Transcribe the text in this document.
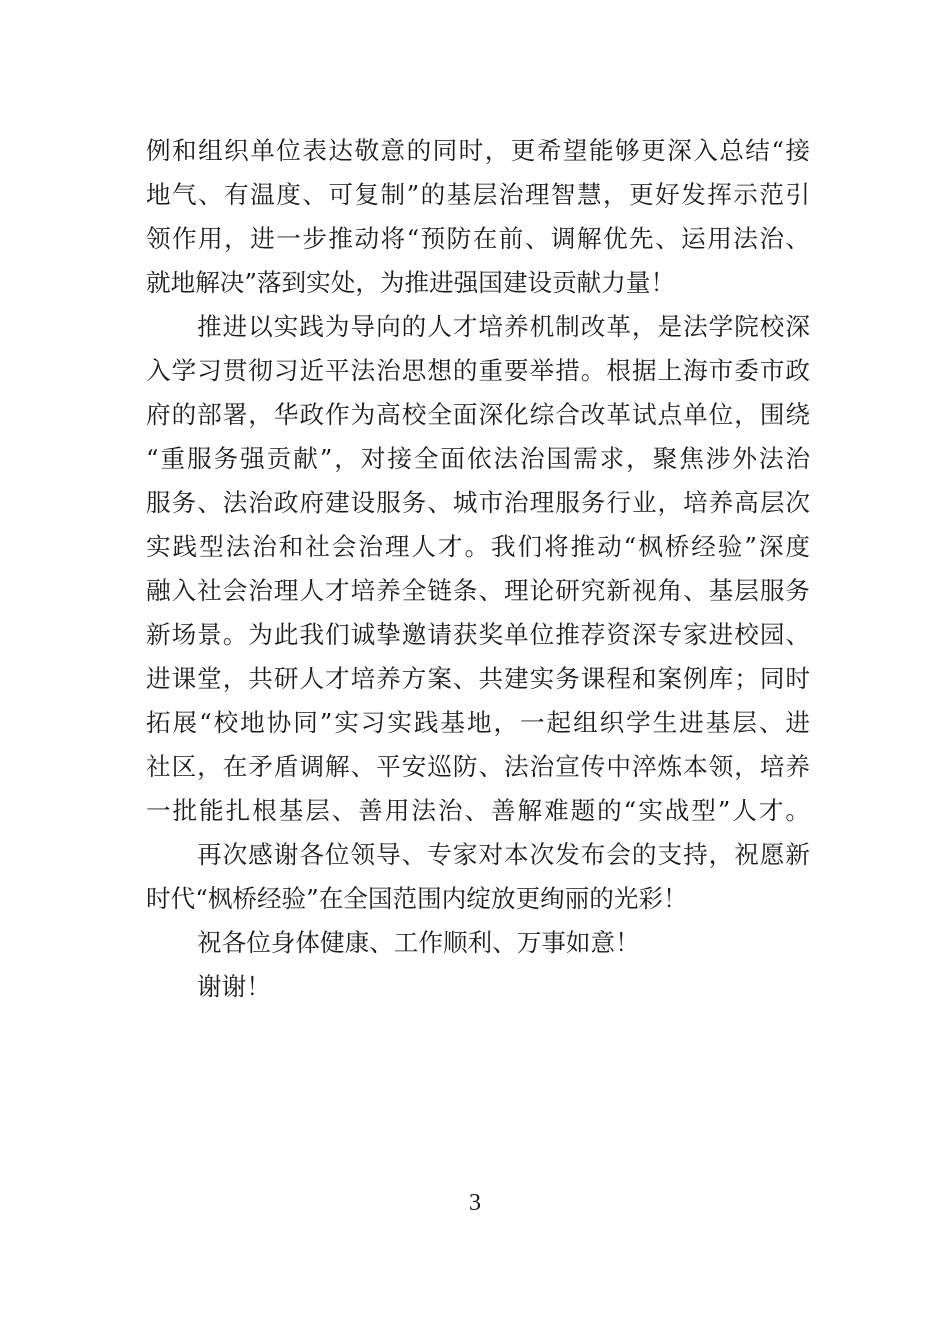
例和组织单位表达敬意的同时，更希望能够更深入总结“接
地气、有温度、可复制”的基层治理智慧，更好发挥示范引
领作用，进一步推动将“预防在前、调解优先、运用法治、
就地解决”落到实处，为推进强国建设贡献力量！
推进以实践为导向的人才培养机制改革，是法学院校深
入学习贯彻习近平法治思想的重要举措。根据上海市委市政
府的部署，华政作为高校全面深化综合改革试点单位，围绕
“重服务强贡献”，对接全面依法治国需求，聚焦涉外法治
服务、法治政府建设服务、城市治理服务行业，培养高层次
实践型法治和社会治理人才。我们将推动“枫桥经验”深度
融入社会治理人才培养全链条、理论研究新视角、基层服务
新场景。为此我们诚挚邀请获奖单位推荐资深专家进校园、
进课堂，共研人才培养方案、共建实务课程和案例库；同时
拓展“校地协同”实习实践基地，一起组织学生进基层、进
社区，在矛盾调解、平安巡防、法治宣传中淬炼本领，培养
一批能扎根基层、善用法治、善解难题的“实战型”人才。
再次感谢各位领导、专家对本次发布会的支持，祝愿新
时代“枫桥经验”在全国范围内绽放更绚丽的光彩！
祝各位身体健康、工作顺利、万事如意！
谢谢！
3
